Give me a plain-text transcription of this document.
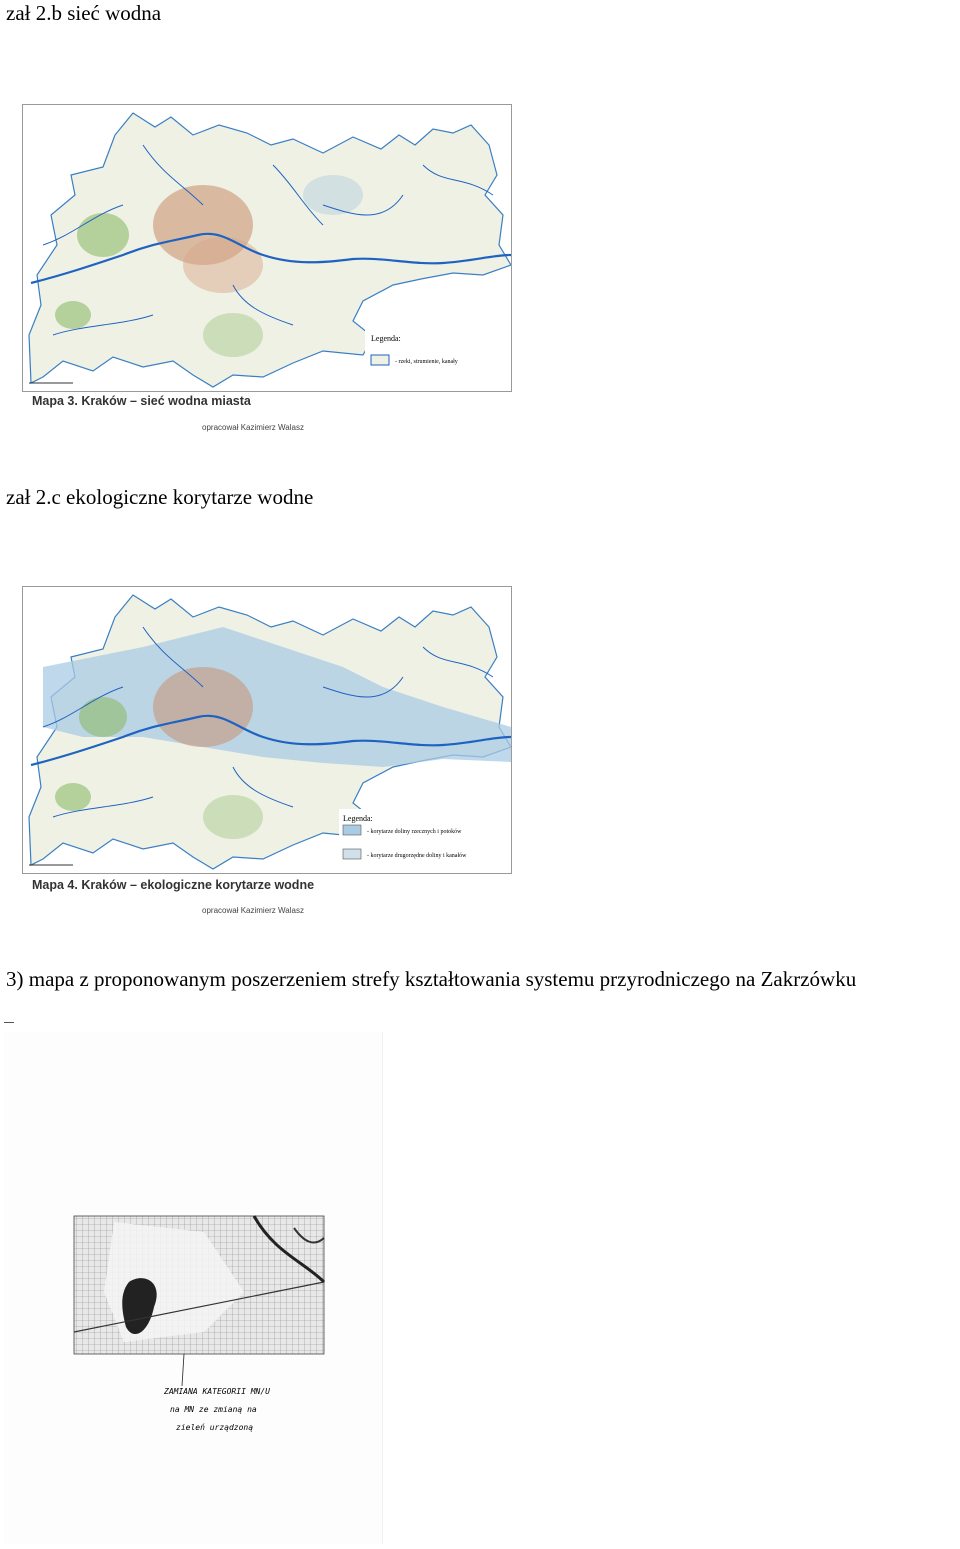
zał 2.b sieć wodna
Legenda:
- rzeki, strumienie, kanały
Mapa 3. Kraków – sieć wodna miasta
opracował Kazimierz Walasz
zał 2.c ekologiczne korytarze wodne
Legenda:
- korytarze doliny rzecznych i potoków
- korytarze drugorzędne doliny i kanałów
Mapa 4. Kraków – ekologiczne korytarze wodne
opracował Kazimierz Walasz
3) mapa z proponowanym poszerzeniem strefy kształtowania systemu przyrodniczego na Zakrzówku
ZAMIANA KATEGORII MN/U
na MN ze zmianą na
zieleń urządzoną
